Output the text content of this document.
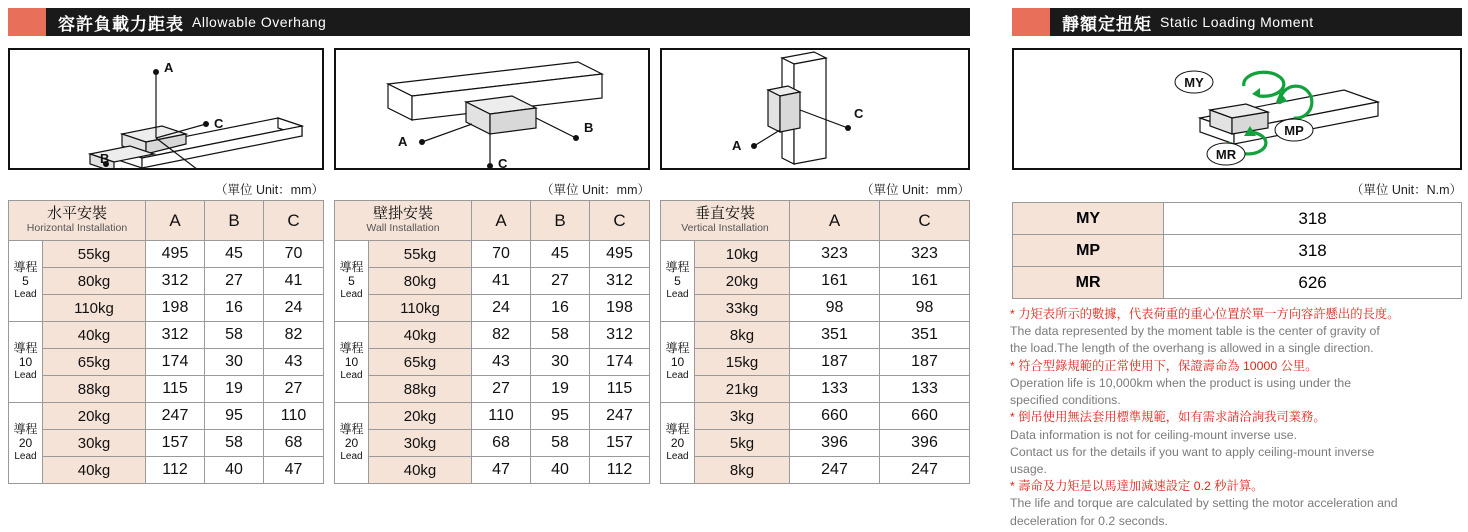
容許負載力距表 Allowable Overhang	靜額定扭矩 Static Loading Moment
A
C
B
（單位 Unit：mm）
A
B
C
（單位 Unit：mm）
A
C
（單位 Unit：mm）
MY
MP
MR
（單位 Unit：N.m）
水平安裝
Horizontal Installation		A	B	C

導程
5
Lead	55kg	495	45	70
	80kg	312	27	41
	110kg	198	16	24

導程
10
Lead	40kg	312	58	82
	65kg	174	30	43
	88kg	115	19	27

導程
20
Lead	20kg	247	95	110
	30kg	157	58	68
	40kg	112	40	47
壁掛安裝
Wall Installation		A	B	C

導程
5
Lead	55kg	70	45	495
	80kg	41	27	312
	110kg	24	16	198

導程
10
Lead	40kg	82	58	312
	65kg	43	30	174
	88kg	27	19	115

導程
20
Lead	20kg	110	95	247
	30kg	68	58	157
	40kg	47	40	112
垂直安裝
Vertical Installation		A	C

導程
5
Lead	10kg	323	323
	20kg	161	161
	33kg	98	98

導程
10
Lead	8kg	351	351
	15kg	187	187
	21kg	133	133

導程
20
Lead	3kg	660	660
	5kg	396	396
	8kg	247	247
MY	318
MP	318
MR	626

* 力矩表所示的數據，代表荷重的重心位置於單一方向容許懸出的長度。

The data represented by the moment table is the center of gravity of

the load.The length of the overhang is allowed in a single direction.

* 符合型錄規範的正常使用下，保證壽命為 10000 公里。

Operation life is 10,000km when the product is using under the

specified conditions.

* 倒吊使用無法套用標準規範，如有需求請洽詢我司業務。

Data information is not for ceiling-mount inverse use.

Contact us for the details if you want to apply ceiling-mount inverse

usage.

* 壽命及力矩是以馬達加減速設定 0.2 秒計算。

The life and torque are calculated by setting the motor acceleration and

deceleration for 0.2 seconds.
